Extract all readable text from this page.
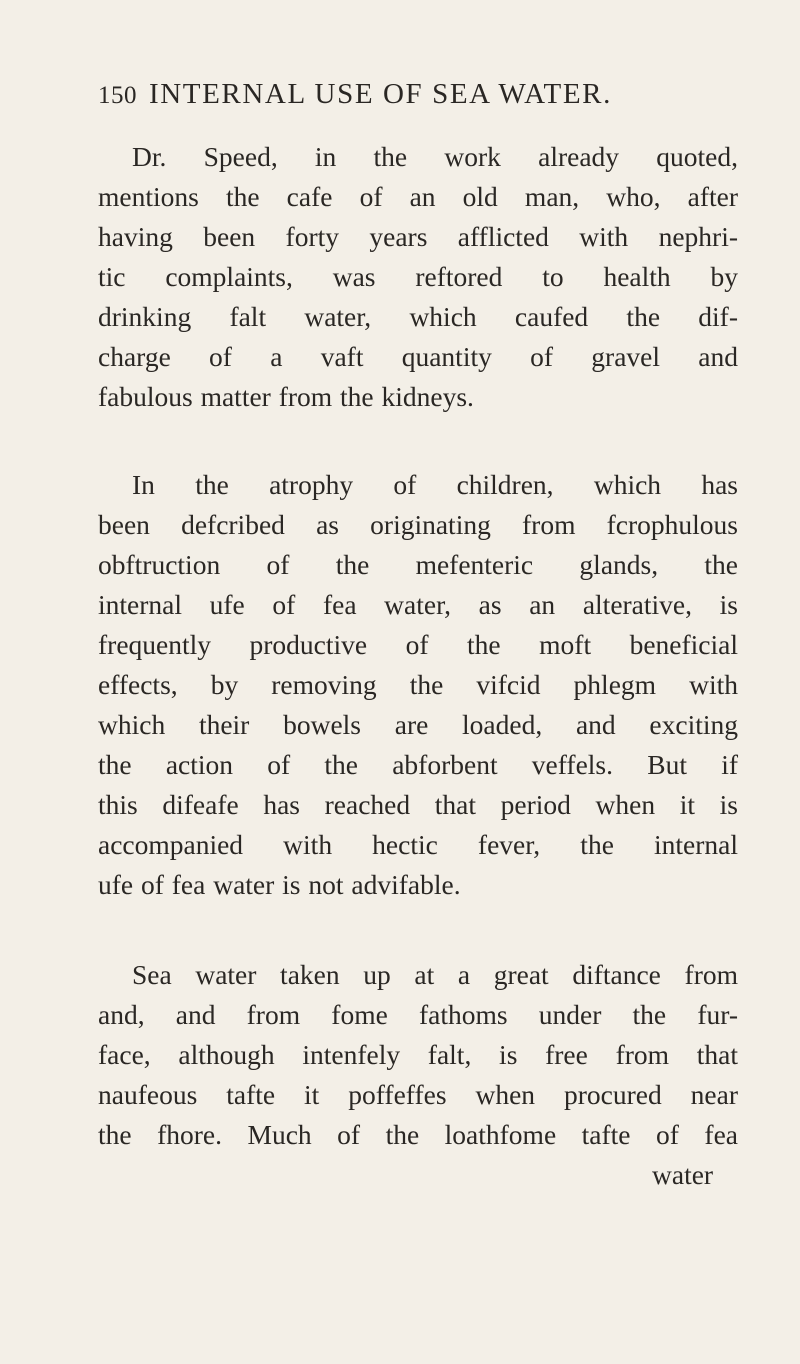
150 INTERNAL USE OF SEA WATER.
Dr. Speed, in the work already quoted,
mentions the cafe of an old man, who, after
having been forty years afflicted with nephri-
tic complaints, was reftored to health by
drinking falt water, which caufed the dif-
charge of a vaft quantity of gravel and
fabulous matter from the kidneys.
In the atrophy of children, which has
been defcribed as originating from fcrophulous
obftruction of the mefenteric glands, the
internal ufe of fea water, as an alterative, is
frequently productive of the moft beneficial
effects, by removing the vifcid phlegm with
which their bowels are loaded, and exciting
the action of the abforbent veffels. But if
this difeafe has reached that period when it is
accompanied with hectic fever, the internal
ufe of fea water is not advifable.
Sea water taken up at a great diftance from
and, and from fome fathoms under the fur-
face, although intenfely falt, is free from that
naufeous tafte it poffeffes when procured near
the fhore. Much of the loathfome tafte of fea
water
